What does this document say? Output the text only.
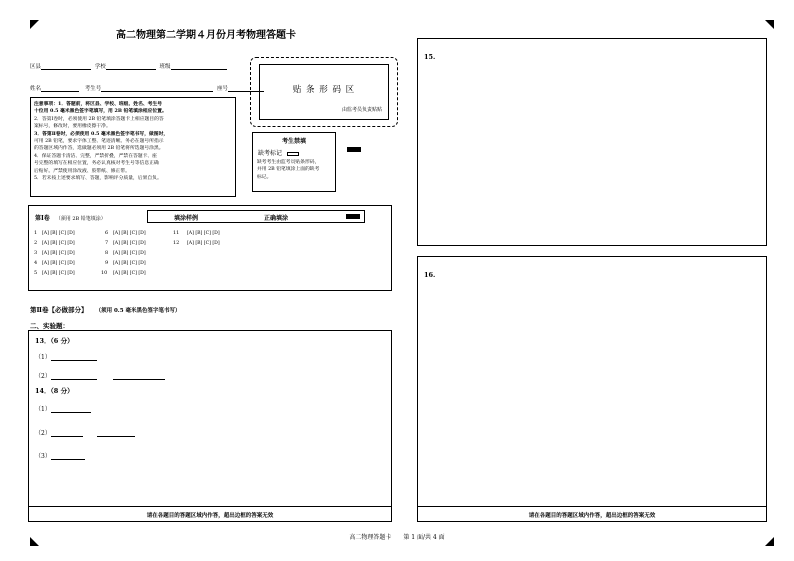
高二物理第二学期４月份月考物理答题卡
区县	学校	班级
姓名	考生号	座号
注意事项：1．答题前，将区县、学校、班级、姓名、考生号
十位用 0.5 毫米黑色签字笔填写，用 2B 铅笔填涂相应位置。
2．答第Ⅰ卷时，必须使用 2B 铅笔填涂答题卡上相应题目的答
案标号，修改时，要用橡皮擦干净。
3．答第Ⅱ卷时，必须使用 0.5 毫米黑色签字笔书写，做图时，
可用 2B 铅笔，要求字体工整、笔迹清晰。务必在题号所指示
的答题区域内作答，选做题必须用 2B 铅笔将所选题号涂黑。
4．保证答题卡清洁、完整，严禁折叠，严禁在答题卡、座
号完整的填写在相应位置，务必认真核对考生号等信息正确
后贴好。严禁使用涂改液、胶带纸、修正带。
5．若未按上述要求填写、答题，影响评分质量，后果自负。
贴 条 形 码 区
由监考员负责贴贴
考生禁填
缺考标记
缺考考生由监考员贴条形码，
并用 2B 铅笔填涂上面的缺考
标记。
第Ⅰ卷 （须用 2B 铅笔填涂）	填涂样例	正确填涂
1 [A] [B] [C] [D]
2 [A] [B] [C] [D]
3 [A] [B] [C] [D]
4 [A] [B] [C] [D]
5 [A] [B] [C] [D]
6 [A] [B] [C] [D]
7 [A] [B] [C] [D]
8 [A] [B] [C] [D]
9 [A] [B] [C] [D]
10 [A] [B] [C] [D]
11 [A] [B] [C] [D]
12 [A] [B] [C] [D]
第Ⅱ卷【必做部分】 （须用 0.5 毫米黑色签字笔书写）
二、实验题：
13．（6 分）
（1）
（2）
14．（8 分）
（1）
（2）
（3）
请在各题目的答题区域内作答，超出边框的答案无效
15.
16.
请在各题目的答题区域内作答，超出边框的答案无效
高二物理答题卡 第 1 面/共 4 面
